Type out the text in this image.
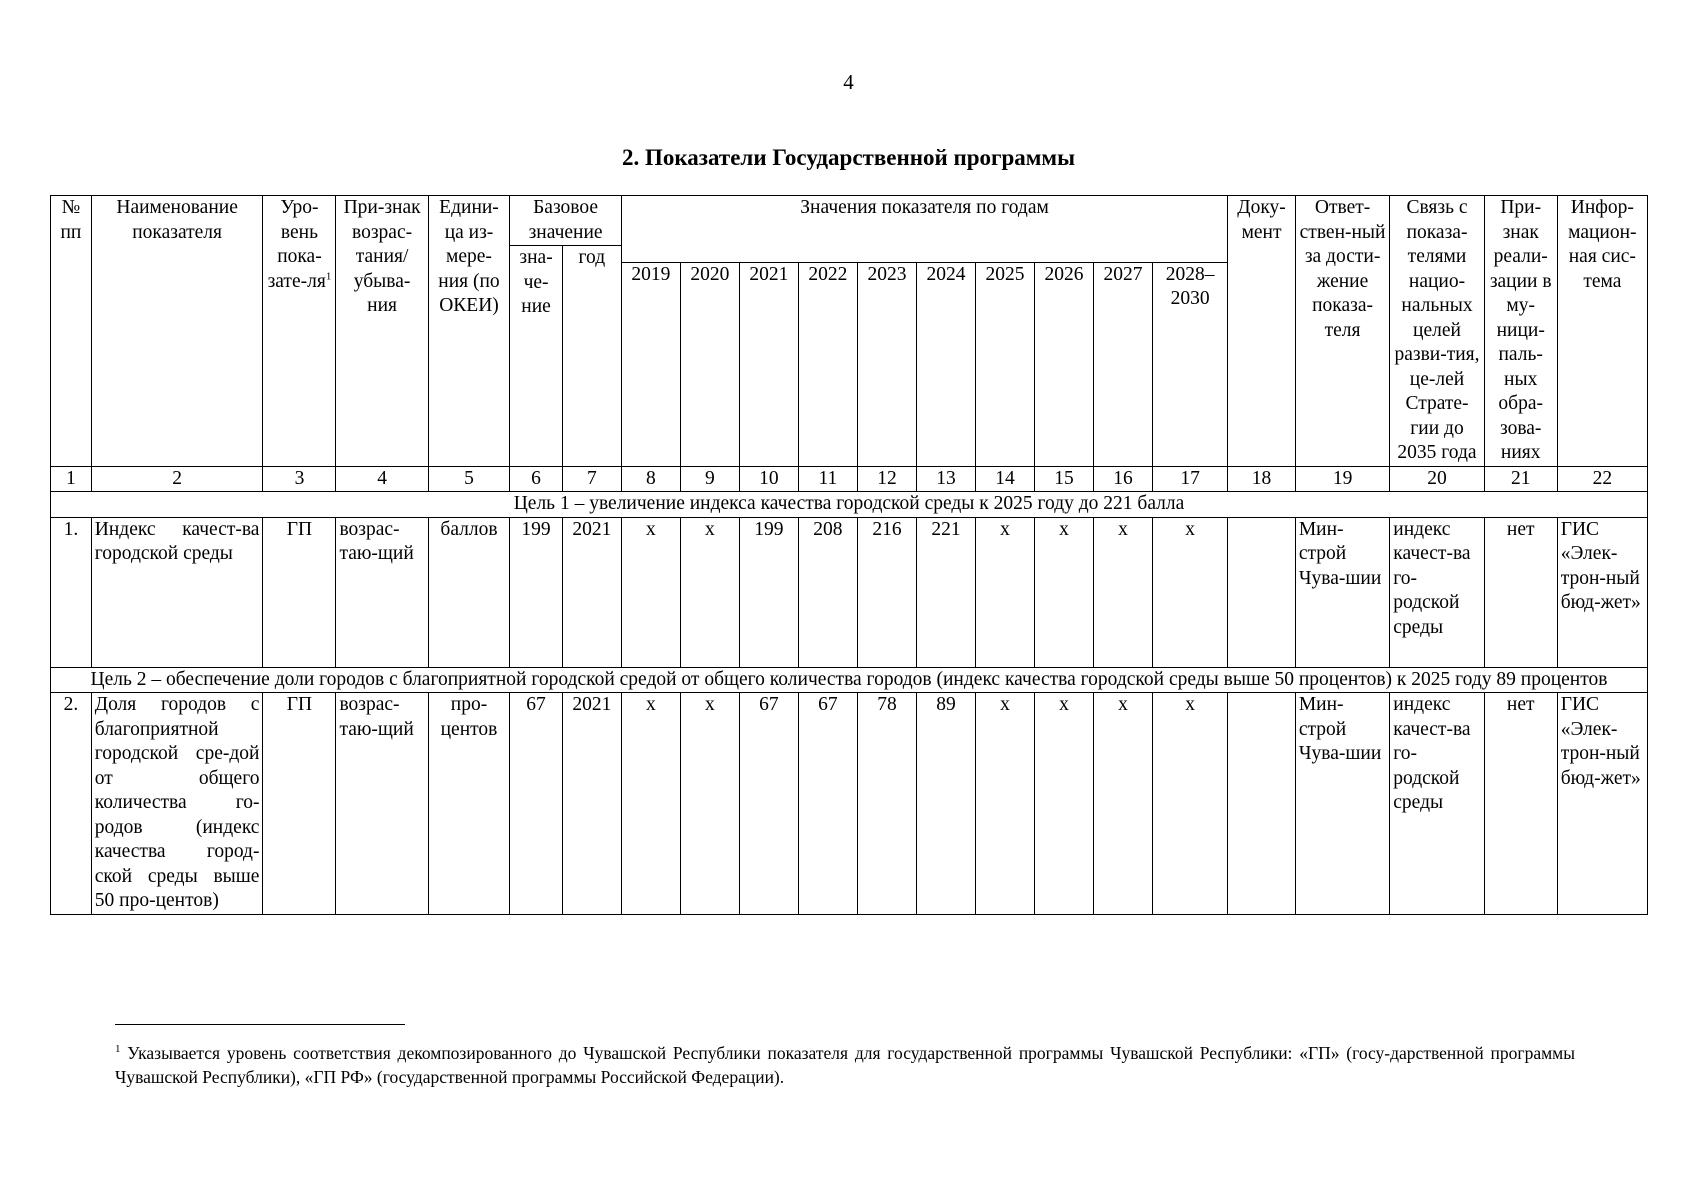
4
2. Показатели Государственной программы
№ пп	Наименование показателя	Уро-вень пока-$зате-ля^1$	При-знак возрас-тания/ убыва-ния	Едини-ца из-мере-ния (по ОКЕИ)	Базовое значение		Значения показателя по годам										Доку-мент	Ответ-ствен-ный за дости-жение показа-теля	Связь с показа-телями нацио-нальных целей разви-тия, це-лей Страте-гии до 2035 года	При-знак реали-зации в му-ници-паль-ных обра-зова-ниях	Инфор-мацион-ная сис-тема
					зна-че-ние	год															
							2019	2020	2021	2022	2023	2024	2025	2026	2027	2028–2030					
1	2	3	4	5	6	7	8	9	10	11	12	13	14	15	16	17	18	19	20	21	22
Цель 1 – увеличение индекса качества городской среды к 2025 году до 221 балла																					
1.	Индекс качест-ва городской среды	ГП	возрас-таю-щий	баллов	199	2021	x	x	199	208	216	221	x	x	x	x		Мин-строй Чува-шии	индекс качест-ва го-родской среды	нет	ГИС «Элек-трон-ный бюд-жет»
Цель 2 – обеспечение доли городов с благоприятной городской средой от общего количества городов (индекс качества городской среды выше 50 процентов) к 2025 году 89 процентов																					
2.	Доля городов с благоприятной городской сре-дой от общего количества го-родов (индекс качества город-ской среды выше 50 про-центов)	ГП	возрас-таю-щий	про-центов	67	2021	x	x	67	67	78	89	x	x	x	x		Мин-строй Чува-шии	индекс качест-ва го-родской среды	нет	ГИС «Элек-трон-ный бюд-жет»
$^1$ Указывается уровень соответствия декомпозированного до Чувашской Республики показателя для государственной программы Чувашской Республики: «ГП» (госу-дарственной программы Чувашской Республики), «ГП РФ» (государственной программы Российской Федерации).
